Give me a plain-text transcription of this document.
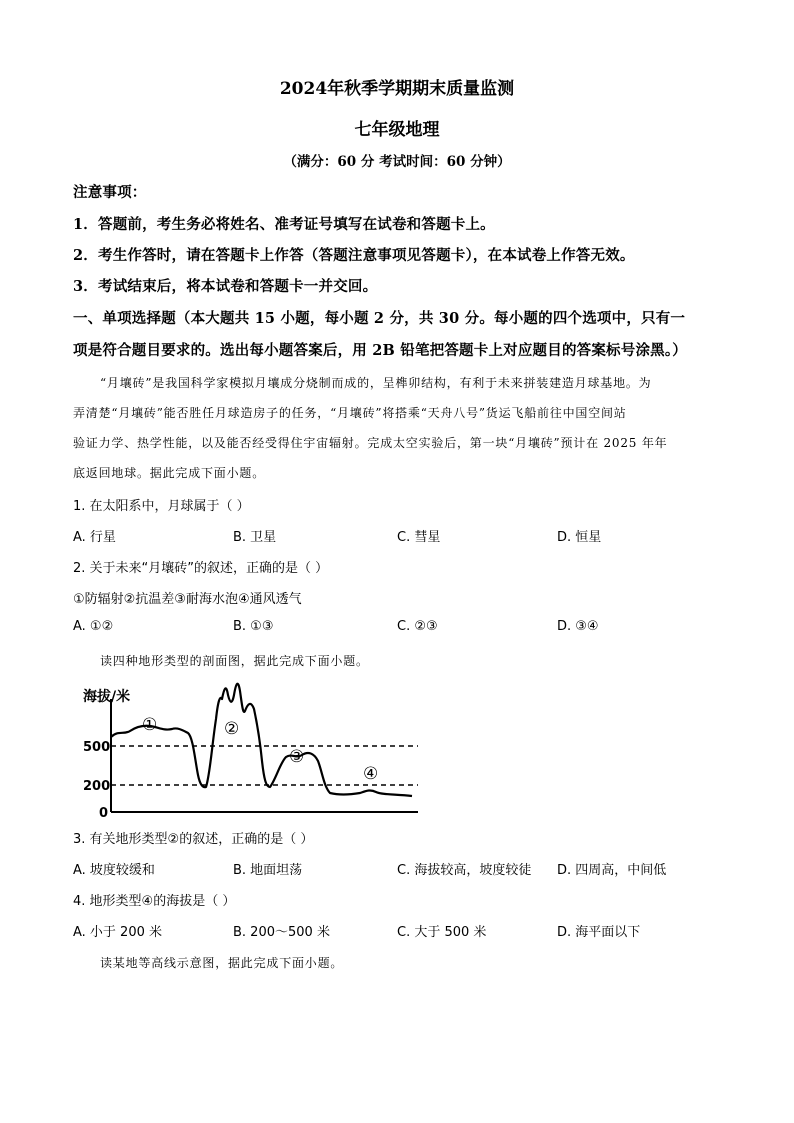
2024年秋季学期期末质量监测
七年级地理
（满分：60 分 考试时间：60 分钟）
注意事项：
1．答题前，考生务必将姓名、准考证号填写在试卷和答题卡上。
2．考生作答时，请在答题卡上作答（答题注意事项见答题卡），在本试卷上作答无效。
3．考试结束后，将本试卷和答题卡一并交回。
一、单项选择题（本大题共 15 小题，每小题 2 分，共 30 分。每小题的四个选项中，只有一
项是符合题目要求的。选出每小题答案后，用 2B 铅笔把答题卡上对应题目的答案标号涂黑。）
“月壤砖”是我国科学家模拟月壤成分烧制而成的，呈榫卯结构，有利于未来拼装建造月球基地。为
弄清楚“月壤砖”能否胜任月球造房子的任务，“月壤砖”将搭乘“天舟八号”货运飞船前往中国空间站
验证力学、热学性能，以及能否经受得住宇宙辐射。完成太空实验后，第一块“月壤砖”预计在 2025 年年
底返回地球。据此完成下面小题。
1. 在太阳系中，月球属于（ ）
A. 行星	B. 卫星	C. 彗星	D. 恒星
2. 关于未来“月壤砖”的叙述，正确的是（ ）
①防辐射②抗温差③耐海水泡④通风透气
A. ①②	B. ①③	C. ②③	D. ③④
读四种地形类型的剖面图，据此完成下面小题。
海拔/米
500
200
0
①	②
③
④
3. 有关地形类型②的叙述，正确的是（ ）
A. 坡度较缓和	B. 地面坦荡	C. 海拔较高，坡度较徒 D. 四周高，中间低
4. 地形类型④的海拔是（ ）
A. 小于 200 米	B. 200～500 米	C. 大于 500 米	D. 海平面以下
读某地等高线示意图，据此完成下面小题。
